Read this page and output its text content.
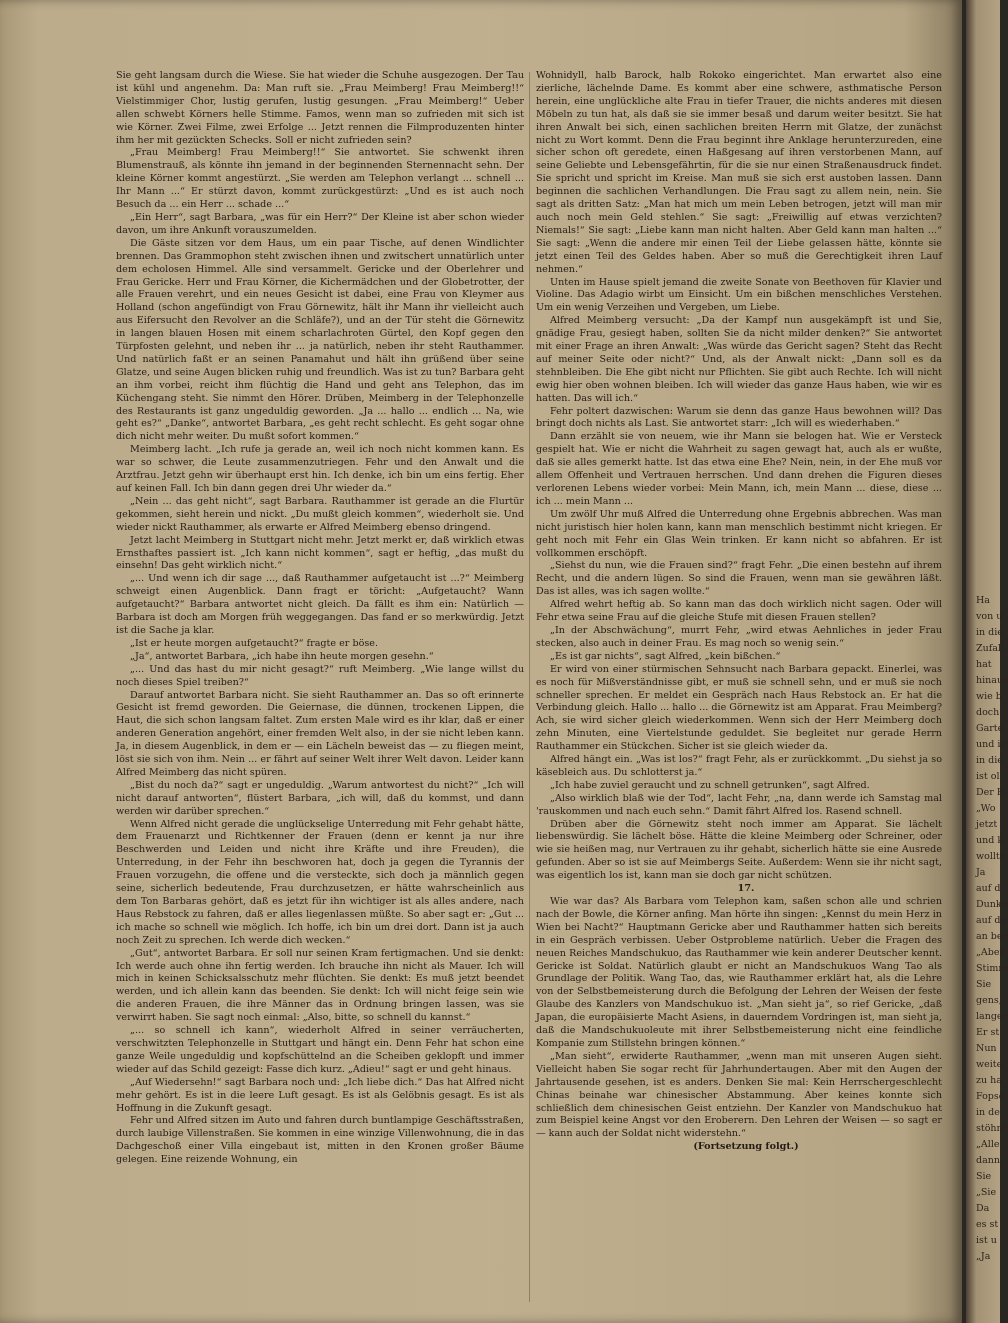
Sie geht langsam durch die Wiese. Sie hat wieder die Schuhe ausgezogen. Der Tau ist kühl und angenehm. Da: Man ruft sie. „Frau Meimberg! Frau Meimberg!!“ Vielstimmiger Chor, lustig gerufen, lustig gesungen. „Frau Meimberg!“ Ueber allen schwebt Körners helle Stimme. Famos, wenn man so zufrieden mit sich ist wie Körner. Zwei Filme, zwei Erfolge ... Jetzt rennen die Filmproduzenten hinter ihm her mit gezückten Schecks. Soll er nicht zufrieden sein?

„Frau Meimberg! Frau Meimberg!!“ Sie antwortet. Sie schwenkt ihren Blumenstrauß, als könnte ihn jemand in der beginnenden Sternennacht sehn. Der kleine Körner kommt angestürzt. „Sie werden am Telephon verlangt ... schnell ... Ihr Mann ...“ Er stürzt davon, kommt zurückgestürzt: „Und es ist auch noch Besuch da ... ein Herr ... schade ...“

„Ein Herr“, sagt Barbara, „was für ein Herr?“ Der Kleine ist aber schon wieder davon, um ihre Ankunft vorauszumelden.

Die Gäste sitzen vor dem Haus, um ein paar Tische, auf denen Windlichter brennen. Das Grammophon steht zwischen ihnen und zwitschert unnatürlich unter dem echolosen Himmel. Alle sind versammelt. Gericke und der Oberlehrer und Frau Gericke. Herr und Frau Körner, die Kichermädchen und der Globetrotter, der alle Frauen verehrt, und ein neues Gesicht ist dabei, eine Frau von Kleymer aus Holland (schon angefündigt von Frau Görnewitz, hält ihr Mann ihr vielleicht auch aus Eifersucht den Revolver an die Schläfe?), und an der Tür steht die Görnewitz in langen blauen Hosen mit einem scharlachroten Gürtel, den Kopf gegen den Türpfosten gelehnt, und neben ihr ... ja natürlich, neben ihr steht Rauthammer. Und natürlich faßt er an seinen Panamahut und hält ihn grüßend über seine Glatze, und seine Augen blicken ruhig und freundlich. Was ist zu tun? Barbara geht an ihm vorbei, reicht ihm flüchtig die Hand und geht ans Telephon, das im Küchengang steht. Sie nimmt den Hörer. Drüben, Meimberg in der Telephonzelle des Restaurants ist ganz ungeduldig geworden. „Ja ... hallo ... endlich ... Na, wie geht es?“ „Danke“, antwortet Barbara, „es geht recht schlecht. Es geht sogar ohne dich nicht mehr weiter. Du mußt sofort kommen.“

Meimberg lacht. „Ich rufe ja gerade an, weil ich noch nicht kommen kann. Es war so schwer, die Leute zusammenzutriegen. Fehr und den Anwalt und die Arztfrau. Jetzt gehn wir überhaupt erst hin. Ich denke, ich bin um eins fertig. Eher auf keinen Fall. Ich bin dann gegen drei Uhr wieder da.“

„Nein ... das geht nicht“, sagt Barbara. Rauthammer ist gerade an die Flurtür gekommen, sieht herein und nickt. „Du mußt gleich kommen“, wiederholt sie. Und wieder nickt Rauthammer, als erwarte er Alfred Meimberg ebenso dringend.

Jetzt lacht Meimberg in Stuttgart nicht mehr. Jetzt merkt er, daß wirklich etwas Ernsthaftes passiert ist. „Ich kann nicht kommen“, sagt er heftig, „das mußt du einsehn! Das geht wirklich nicht.“

„... Und wenn ich dir sage ..., daß Rauthammer aufgetaucht ist ...?“ Meimberg schweigt einen Augenblick. Dann fragt er töricht: „Aufgetaucht? Wann aufgetaucht?“ Barbara antwortet nicht gleich. Da fällt es ihm ein: Natürlich — Barbara ist doch am Morgen früh weggegangen. Das fand er so merkwürdig. Jetzt ist die Sache ja klar.

„Ist er heute morgen aufgetaucht?“ fragte er böse.

„Ja“, antwortet Barbara, „ich habe ihn heute morgen gesehn.“

„... Und das hast du mir nicht gesagt?“ ruft Meimberg. „Wie lange willst du noch dieses Spiel treiben?“

Darauf antwortet Barbara nicht. Sie sieht Rauthammer an. Das so oft erinnerte Gesicht ist fremd geworden. Die Geiernase, die dünnen, trockenen Lippen, die Haut, die sich schon langsam faltet. Zum ersten Male wird es ihr klar, daß er einer anderen Generation angehört, einer fremden Welt also, in der sie nicht leben kann. Ja, in diesem Augenblick, in dem er — ein Lächeln beweist das — zu fliegen meint, löst sie sich von ihm. Nein ... er fährt auf seiner Welt ihrer Welt davon. Leider kann Alfred Meimberg das nicht spüren.

„Bist du noch da?“ sagt er ungeduldig. „Warum antwortest du nicht?“ „Ich will nicht darauf antworten“, flüstert Barbara, „ich will, daß du kommst, und dann werden wir darüber sprechen.“

Wenn Alfred nicht gerade die unglückselige Unterredung mit Fehr gehabt hätte, dem Frauenarzt und Richtkenner der Frauen (denn er kennt ja nur ihre Beschwerden und Leiden und nicht ihre Kräfte und ihre Freuden), die Unterredung, in der Fehr ihn beschworen hat, doch ja gegen die Tyrannis der Frauen vorzugehn, die offene und die versteckte, sich doch ja männlich gegen seine, sicherlich bedeutende, Frau durchzusetzen, er hätte wahrscheinlich aus dem Ton Barbaras gehört, daß es jetzt für ihn wichtiger ist als alles andere, nach Haus Rebstock zu fahren, daß er alles liegenlassen müßte. So aber sagt er: „Gut ... ich mache so schnell wie möglich. Ich hoffe, ich bin um drei dort. Dann ist ja auch noch Zeit zu sprechen. Ich werde dich wecken.“

„Gut“, antwortet Barbara. Er soll nur seinen Kram fertigmachen. Und sie denkt: Ich werde auch ohne ihn fertig werden. Ich brauche ihn nicht als Mauer. Ich will mich in keinen Schicksalsschutz mehr flüchten. Sie denkt: Es muß jetzt beendet werden, und ich allein kann das beenden. Sie denkt: Ich will nicht feige sein wie die anderen Frauen, die ihre Männer das in Ordnung bringen lassen, was sie verwirrt haben. Sie sagt noch einmal: „Also, bitte, so schnell du kannst.“

„... so schnell ich kann“, wiederholt Alfred in seiner verräucherten, verschwitzten Telephonzelle in Stuttgart und hängt ein. Denn Fehr hat schon eine ganze Weile ungeduldig und kopfschüttelnd an die Scheiben geklopft und immer wieder auf das Schild gezeigt: Fasse dich kurz. „Adieu!“ sagt er und geht hinaus.

„Auf Wiedersehn!“ sagt Barbara noch und: „Ich liebe dich.“ Das hat Alfred nicht mehr gehört. Es ist in die leere Luft gesagt. Es ist als Gelöbnis gesagt. Es ist als Hoffnung in die Zukunft gesagt.

Fehr und Alfred sitzen im Auto und fahren durch buntlampige Geschäftsstraßen, durch laubige Villenstraßen. Sie kommen in eine winzige Villenwohnung, die in das Dachgeschoß einer Villa eingebaut ist, mitten in den Kronen großer Bäume gelegen. Eine reizende Wohnung, ein

Wohnidyll, halb Barock, halb Rokoko eingerichtet. Man erwartet also eine zierliche, lächelnde Dame. Es kommt aber eine schwere, asthmatische Person herein, eine unglückliche alte Frau in tiefer Trauer, die nichts anderes mit diesen Möbeln zu tun hat, als daß sie sie immer besaß und darum weiter besitzt. Sie hat ihren Anwalt bei sich, einen sachlichen breiten Herrn mit Glatze, der zunächst nicht zu Wort kommt. Denn die Frau beginnt ihre Anklage herunterzureden, eine sicher schon oft geredete, einen Haßgesang auf ihren verstorbenen Mann, auf seine Geliebte und Lebensgefährtin, für die sie nur einen Straßenausdruck findet. Sie spricht und spricht im Kreise. Man muß sie sich erst austoben lassen. Dann beginnen die sachlichen Verhandlungen. Die Frau sagt zu allem nein, nein. Sie sagt als dritten Satz: „Man hat mich um mein Leben betrogen, jetzt will man mir auch noch mein Geld stehlen.“ Sie sagt: „Freiwillig auf etwas verzichten? Niemals!“ Sie sagt: „Liebe kann man nicht halten. Aber Geld kann man halten ...“ Sie sagt: „Wenn die andere mir einen Teil der Liebe gelassen hätte, könnte sie jetzt einen Teil des Geldes haben. Aber so muß die Gerechtigkeit ihren Lauf nehmen.“

Unten im Hause spielt jemand die zweite Sonate von Beethoven für Klavier und Violine. Das Adagio wirbt um Einsicht. Um ein bißchen menschliches Verstehen. Um ein wenig Verzeihen und Vergeben, um Liebe.

Alfred Meimberg versucht: „Da der Kampf nun ausgekämpft ist und Sie, gnädige Frau, gesiegt haben, sollten Sie da nicht milder denken?“ Sie antwortet mit einer Frage an ihren Anwalt: „Was würde das Gericht sagen? Steht das Recht auf meiner Seite oder nicht?“ Und, als der Anwalt nickt: „Dann soll es da stehnbleiben. Die Ehe gibt nicht nur Pflichten. Sie gibt auch Rechte. Ich will nicht ewig hier oben wohnen bleiben. Ich will wieder das ganze Haus haben, wie wir es hatten. Das will ich.“

Fehr poltert dazwischen: Warum sie denn das ganze Haus bewohnen will? Das bringt doch nichts als Last. Sie antwortet starr: „Ich will es wiederhaben.“

Dann erzählt sie von neuem, wie ihr Mann sie belogen hat. Wie er Versteck gespielt hat. Wie er nicht die Wahrheit zu sagen gewagt hat, auch als er wußte, daß sie alles gemerkt hatte. Ist das etwa eine Ehe? Nein, nein, in der Ehe muß vor allem Offenheit und Vertrauen herrschen. Und dann drehen die Figuren dieses verlorenen Lebens wieder vorbei: Mein Mann, ich, mein Mann ... diese, diese ... ich ... mein Mann ...

Um zwölf Uhr muß Alfred die Unterredung ohne Ergebnis abbrechen. Was man nicht juristisch hier holen kann, kann man menschlich bestimmt nicht kriegen. Er geht noch mit Fehr ein Glas Wein trinken. Er kann nicht so abfahren. Er ist vollkommen erschöpft.

„Siehst du nun, wie die Frauen sind?“ fragt Fehr. „Die einen bestehn auf ihrem Recht, und die andern lügen. So sind die Frauen, wenn man sie gewähren läßt. Das ist alles, was ich sagen wollte.“

Alfred wehrt heftig ab. So kann man das doch wirklich nicht sagen. Oder will Fehr etwa seine Frau auf die gleiche Stufe mit diesen Frauen stellen?

„In der Abschwächung“, murrt Fehr, „wird etwas Aehnliches in jeder Frau stecken, also auch in deiner Frau. Es mag noch so wenig sein.“

„Es ist gar nichts“, sagt Alfred, „kein bißchen.“

Er wird von einer stürmischen Sehnsucht nach Barbara gepackt. Einerlei, was es noch für Mißverständnisse gibt, er muß sie schnell sehn, und er muß sie noch schneller sprechen. Er meldet ein Gespräch nach Haus Rebstock an. Er hat die Verbindung gleich. Hallo ... hallo ... die Görnewitz ist am Apparat. Frau Meimberg? Ach, sie wird sicher gleich wiederkommen. Wenn sich der Herr Meimberg doch zehn Minuten, eine Viertelstunde geduldet. Sie begleitet nur gerade Herrn Rauthammer ein Stückchen. Sicher ist sie gleich wieder da.

Alfred hängt ein. „Was ist los?“ fragt Fehr, als er zurückkommt. „Du siehst ja so käsebleich aus. Du schlotterst ja.“

„Ich habe zuviel geraucht und zu schnell getrunken“, sagt Alfred.

„Also wirklich blaß wie der Tod“, lacht Fehr, „na, dann werde ich Samstag mal 'rauskommen und nach euch sehn.“ Damit fährt Alfred los. Rasend schnell.

Drüben aber die Görnewitz steht noch immer am Apparat. Sie lächelt liebenswürdig. Sie lächelt böse. Hätte die kleine Meimberg oder Schreiner, oder wie sie heißen mag, nur Vertrauen zu ihr gehabt, sicherlich hätte sie eine Ausrede gefunden. Aber so ist sie auf Meimbergs Seite. Außerdem: Wenn sie ihr nicht sagt, was eigentlich los ist, kann man sie doch gar nicht schützen.

17.

Wie war das? Als Barbara vom Telephon kam, saßen schon alle und schrien nach der Bowle, die Körner anfing. Man hörte ihn singen: „Kennst du mein Herz in Wien bei Nacht?“ Hauptmann Gericke aber und Rauthammer hatten sich bereits in ein Gespräch verbissen. Ueber Ostprobleme natürlich. Ueber die Fragen des neuen Reiches Mandschukuo, das Rauthammer wie kein anderer Deutscher kennt. Gericke ist Soldat. Natürlich glaubt er nicht an Mandschukuos Wang Tao als Grundlage der Politik. Wang Tao, das, wie Rauthammer erklärt hat, als die Lehre von der Selbstbemeisterung durch die Befolgung der Lehren der Weisen der feste Glaube des Kanzlers von Mandschukuo ist. „Man sieht ja“, so rief Gericke, „daß Japan, die europäisierte Macht Asiens, in dauerndem Vordringen ist, man sieht ja, daß die Mandschukuoleute mit ihrer Selbstbemeisterung nicht eine feindliche Kompanie zum Stillstehn bringen können.“

„Man sieht“, erwiderte Rauthammer, „wenn man mit unseren Augen sieht. Vielleicht haben Sie sogar recht für Jahrhundertaugen. Aber mit den Augen der Jahrtausende gesehen, ist es anders. Denken Sie mal: Kein Herrschergeschlecht Chinas beinahe war chinesischer Abstammung. Aber keines konnte sich schließlich dem chinesischen Geist entziehn. Der Kanzler von Mandschukuo hat zum Beispiel keine Angst vor den Eroberern. Den Lehren der Weisen — so sagt er — kann auch der Soldat nicht widerstehn.“

(Fortsetzung folgt.)

Ha
von u
in die
Zufall
hat
hinaus
wie b
doch
Garte
und ir
in die
ist ol
Der R
„Wo
jetzt
und k
wollte
Ja
auf d
Dunke
auf de
an ber
„Aber
Stimm
Sie
gens,
langer
Er st
Nun
weite
zu ha
Fopse
in de
stöhnt
„Alle
dann,
Sie
„Sie
Da
es st
ist u
„Ja
